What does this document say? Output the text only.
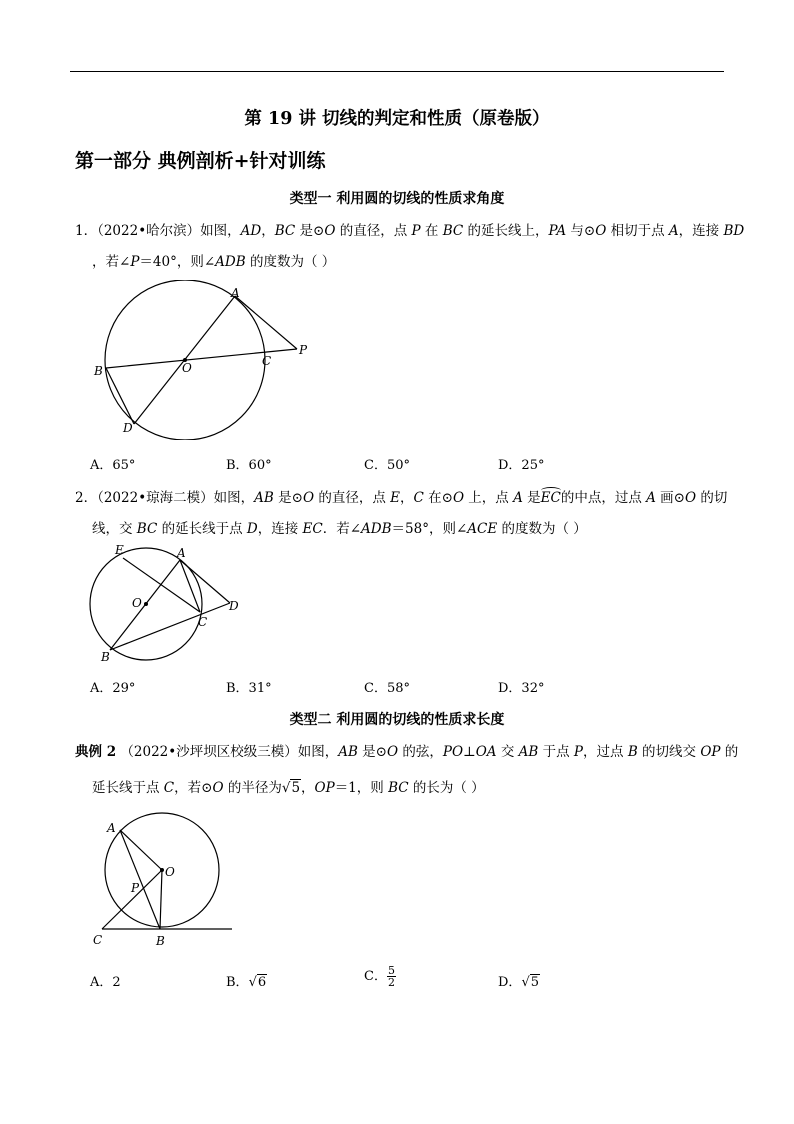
第 19 讲 切线的判定和性质（原卷版）
第一部分 典例剖析+针对训练
类型一 利用圆的切线的性质求角度
1．（2022•哈尔滨）如图，AD，BC 是⊙O 的直径，点 P 在 BC 的延长线上，PA 与⊙O 相切于点 A，连接 BD
，若∠P＝40°，则∠ADB 的度数为（ ）
A
B
C
D
O
P
A．65°	B．60°	C．50°	D．25°
2．（2022•琼海二模）如图，AB 是⊙O 的直径，点 E，C 在⊙O 上，点 A 是
EC的中点，过点 A 画⊙O 的切
线，交 BC 的延长线于点 D，连接 EC．若∠ADB＝58°，则∠ACE 的度数为（ ）
A
B
C
D
E
O
A．29°	B．31°	C．58°	D．32°
类型二 利用圆的切线的性质求长度
典例 2 （2022•沙坪坝区校级三模）如图，AB 是⊙O 的弦，PO⊥OA 交 AB 于点 P，过点 B 的切线交 OP 的
延长线于点 C，若⊙O 的半径为√5，OP＝1，则 BC 的长为（ ）
A
B
C
O
P
A．2	B．√6	C． $\frac{5}{2}$	D．√5
